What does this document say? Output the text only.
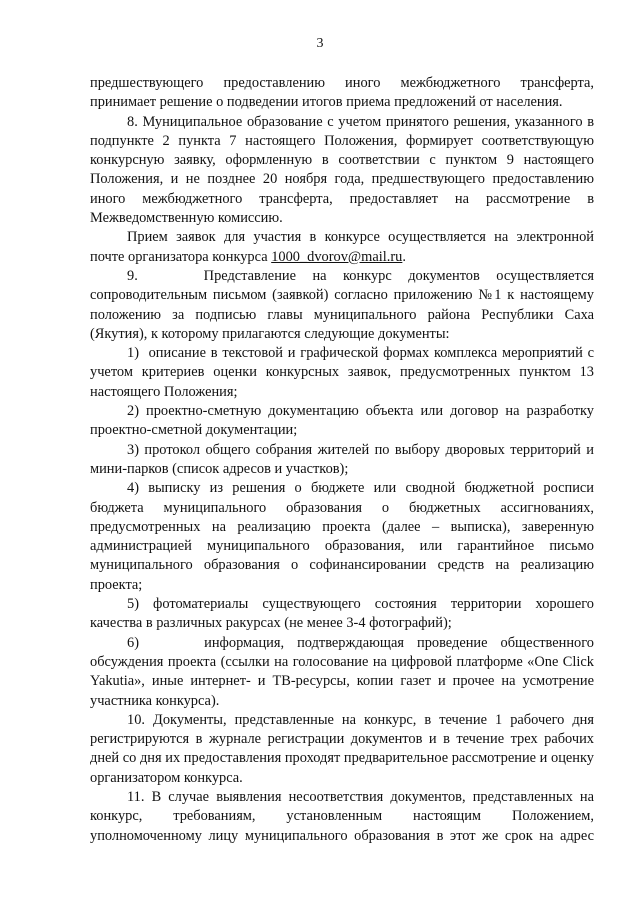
3

предшествующего предоставлению иного межбюджетного трансферта, принимает решение о подведении итогов приема предложений от населения.

8. Муниципальное образование с учетом принятого решения, указанного в подпункте 2 пункта 7 настоящего Положения, формирует соответствующую конкурсную заявку, оформленную в соответствии с пунктом 9 настоящего Положения, и не позднее 20 ноября года, предшествующего предоставлению иного межбюджетного трансферта, предоставляет на рассмотрение в Межведомственную комиссию.

Прием заявок для участия в конкурсе осуществляется на электронной почте организатора конкурса 1000_dvorov@mail.ru.

9.    Представление на конкурс документов осуществляется сопроводительным письмом (заявкой) согласно приложению №1 к настоящему положению за подписью главы муниципального района Республики Саха (Якутия), к которому прилагаются следующие документы:

1)  описание в текстовой и графической формах комплекса мероприятий с учетом критериев оценки конкурсных заявок, предусмотренных пунктом 13 настоящего Положения;

2) проектно-сметную документацию объекта или договор на разработку проектно-сметной документации;

3) протокол общего собрания жителей по выбору дворовых территорий и мини-парков (список адресов и участков);

4) выписку из решения о бюджете или сводной бюджетной росписи бюджета муниципального образования о бюджетных ассигнованиях, предусмотренных на реализацию проекта (далее – выписка), заверенную администрацией муниципального образования, или гарантийное письмо муниципального образования о софинансировании средств на реализацию проекта;

5) фотоматериалы существующего состояния территории хорошего качества в различных ракурсах (не менее 3-4 фотографий);

6)     информация, подтверждающая проведение общественного обсуждения проекта (ссылки на голосование на цифровой платформе «One Click Yakutia», иные интернет- и ТВ-ресурсы, копии газет и прочее на усмотрение участника конкурса).

10. Документы, представленные на конкурс, в течение 1 рабочего дня регистрируются в журнале регистрации документов и в течение трех рабочих дней со дня их предоставления проходят предварительное рассмотрение и оценку организатором конкурса.

11. В случае выявления несоответствия документов, представленных на конкурс, требованиям, установленным настоящим Положением, уполномоченному лицу муниципального образования в этот же срок на адрес
